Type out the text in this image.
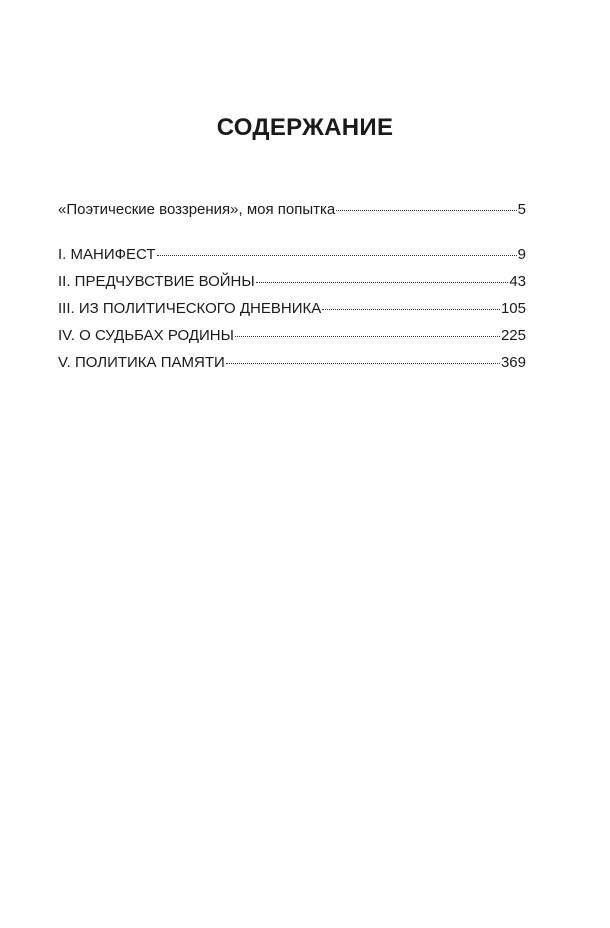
СОДЕРЖАНИЕ
«Поэтические воззрения», моя попытка	5
I. МАНИФЕСТ	9
II. ПРЕДЧУВСТВИЕ ВОЙНЫ	43
III. ИЗ ПОЛИТИЧЕСКОГО ДНЕВНИКА	105
IV. О СУДЬБАХ РОДИНЫ	225
V. ПОЛИТИКА ПАМЯТИ	369
